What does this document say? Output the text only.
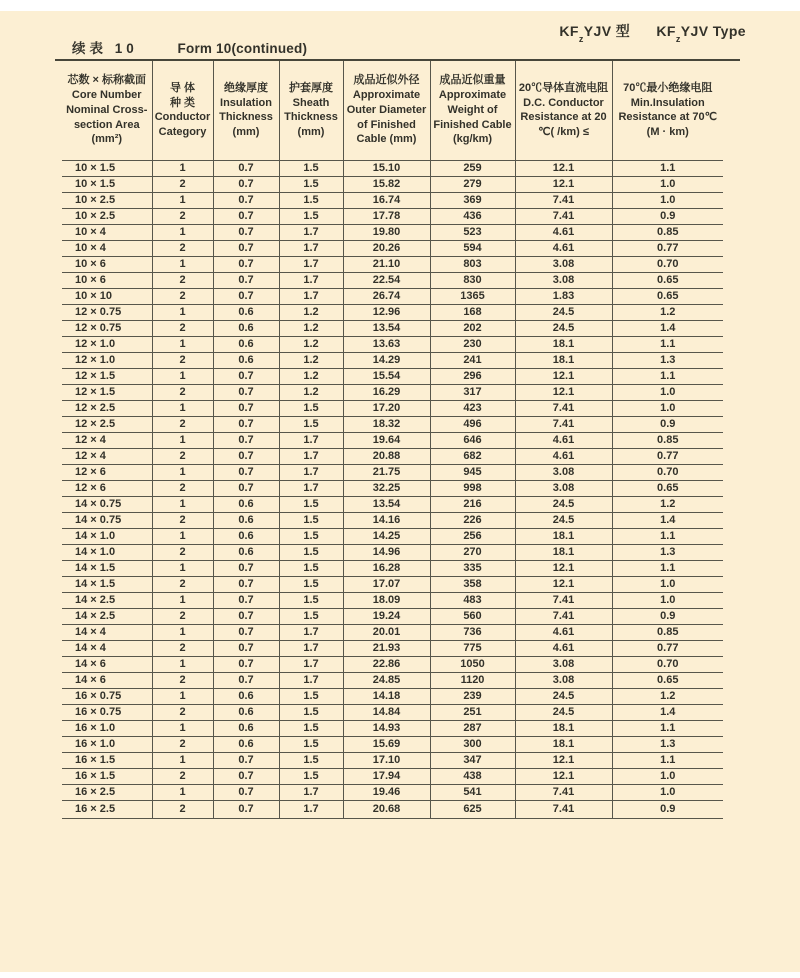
$KF_zYJV$ 型 $KF_zYJV$ Type
续表 10	Form 10(continued)
芯数 × 标称截面
Core Number
Nominal Cross-
section Area
(mm²)

导 体
种 类
Conductor
Category

绝缘厚度
Insulation
Thickness
(mm)

护套厚度
Sheath
Thickness
(mm)

成品近似外径
Approximate
Outer Diameter
of Finished
Cable (mm)

成品近似重量
Approximate
Weight of
Finished Cable
(kg/km)

20℃导体直流电阻
D.C. Conductor
Resistance at 20
℃( /km) ≤

70℃最小绝缘电阻
Min.Insulation
Resistance at 70℃
(M · km)

10 × 1.5	1	0.7	1.5	15.10	259	12.1	1.1
10 × 1.5	2	0.7	1.5	15.82	279	12.1	1.0
10 × 2.5	1	0.7	1.5	16.74	369	7.41	1.0
10 × 2.5	2	0.7	1.5	17.78	436	7.41	0.9
10 × 4	1	0.7	1.7	19.80	523	4.61	0.85
10 × 4	2	0.7	1.7	20.26	594	4.61	0.77
10 × 6	1	0.7	1.7	21.10	803	3.08	0.70
10 × 6	2	0.7	1.7	22.54	830	3.08	0.65
10 × 10	2	0.7	1.7	26.74	1365	1.83	0.65
12 × 0.75	1	0.6	1.2	12.96	168	24.5	1.2
12 × 0.75	2	0.6	1.2	13.54	202	24.5	1.4
12 × 1.0	1	0.6	1.2	13.63	230	18.1	1.1
12 × 1.0	2	0.6	1.2	14.29	241	18.1	1.3
12 × 1.5	1	0.7	1.2	15.54	296	12.1	1.1
12 × 1.5	2	0.7	1.2	16.29	317	12.1	1.0
12 × 2.5	1	0.7	1.5	17.20	423	7.41	1.0
12 × 2.5	2	0.7	1.5	18.32	496	7.41	0.9
12 × 4	1	0.7	1.7	19.64	646	4.61	0.85
12 × 4	2	0.7	1.7	20.88	682	4.61	0.77
12 × 6	1	0.7	1.7	21.75	945	3.08	0.70
12 × 6	2	0.7	1.7	32.25	998	3.08	0.65
14 × 0.75	1	0.6	1.5	13.54	216	24.5	1.2
14 × 0.75	2	0.6	1.5	14.16	226	24.5	1.4
14 × 1.0	1	0.6	1.5	14.25	256	18.1	1.1
14 × 1.0	2	0.6	1.5	14.96	270	18.1	1.3
14 × 1.5	1	0.7	1.5	16.28	335	12.1	1.1
14 × 1.5	2	0.7	1.5	17.07	358	12.1	1.0
14 × 2.5	1	0.7	1.5	18.09	483	7.41	1.0
14 × 2.5	2	0.7	1.5	19.24	560	7.41	0.9
14 × 4	1	0.7	1.7	20.01	736	4.61	0.85
14 × 4	2	0.7	1.7	21.93	775	4.61	0.77
14 × 6	1	0.7	1.7	22.86	1050	3.08	0.70
14 × 6	2	0.7	1.7	24.85	1120	3.08	0.65
16 × 0.75	1	0.6	1.5	14.18	239	24.5	1.2
16 × 0.75	2	0.6	1.5	14.84	251	24.5	1.4
16 × 1.0	1	0.6	1.5	14.93	287	18.1	1.1
16 × 1.0	2	0.6	1.5	15.69	300	18.1	1.3
16 × 1.5	1	0.7	1.5	17.10	347	12.1	1.1
16 × 1.5	2	0.7	1.5	17.94	438	12.1	1.0
16 × 2.5	1	0.7	1.7	19.46	541	7.41	1.0
16 × 2.5	2	0.7	1.7	20.68	625	7.41	0.9
